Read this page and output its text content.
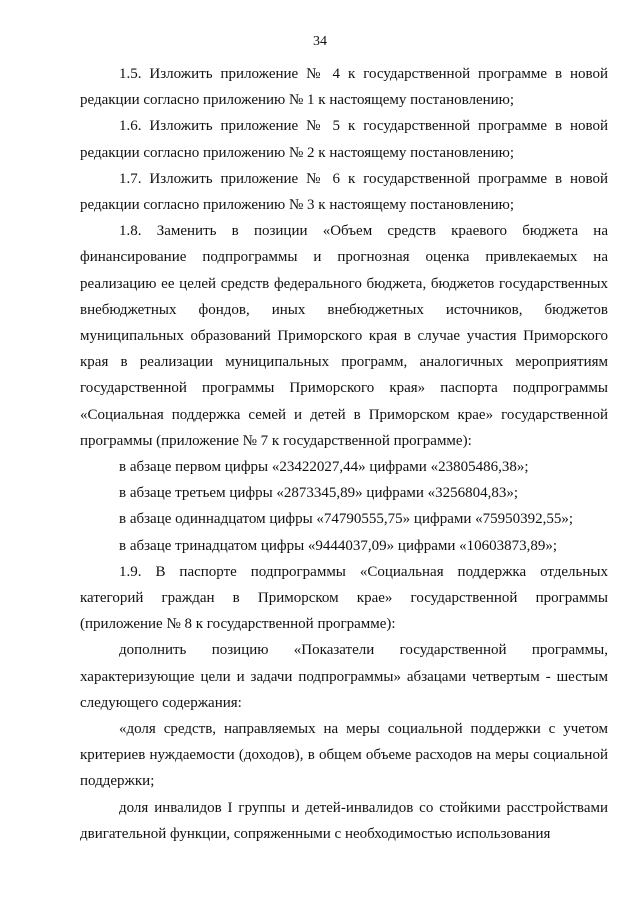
34

1.5. Изложить приложение № 4 к государственной программе в новой редакции согласно приложению № 1 к настоящему постановлению;

1.6. Изложить приложение № 5 к государственной программе в новой редакции согласно приложению № 2 к настоящему постановлению;

1.7. Изложить приложение № 6 к государственной программе в новой редакции согласно приложению № 3 к настоящему постановлению;

1.8. Заменить в позиции «Объем средств краевого бюджета на финансирование подпрограммы и прогнозная оценка привлекаемых на реализацию ее целей средств федерального бюджета, бюджетов государственных внебюджетных фондов, иных внебюджетных источников, бюджетов муниципальных образований Приморского края в случае участия Приморского края в реализации муниципальных программ, аналогичных мероприятиям государственной программы Приморского края» паспорта подпрограммы «Социальная поддержка семей и детей в Приморском крае» государственной программы (приложение № 7 к государственной программе):

в абзаце первом цифры «23422027,44» цифрами «23805486,38»;

в абзаце третьем цифры «2873345,89» цифрами «3256804,83»;

в абзаце одиннадцатом цифры «74790555,75» цифрами «75950392,55»;

в абзаце тринадцатом цифры «9444037,09» цифрами «10603873,89»;

1.9. В паспорте подпрограммы «Социальная поддержка отдельных категорий граждан в Приморском крае» государственной программы (приложение № 8 к государственной программе):

дополнить позицию «Показатели государственной программы, характеризующие цели и задачи подпрограммы» абзацами четвертым - шестым следующего содержания:

«доля средств, направляемых на меры социальной поддержки с учетом критериев нуждаемости (доходов), в общем объеме расходов на меры социальной поддержки;

доля инвалидов I группы и детей-инвалидов со стойкими расстройствами двигательной функции, сопряженными с необходимостью использования
